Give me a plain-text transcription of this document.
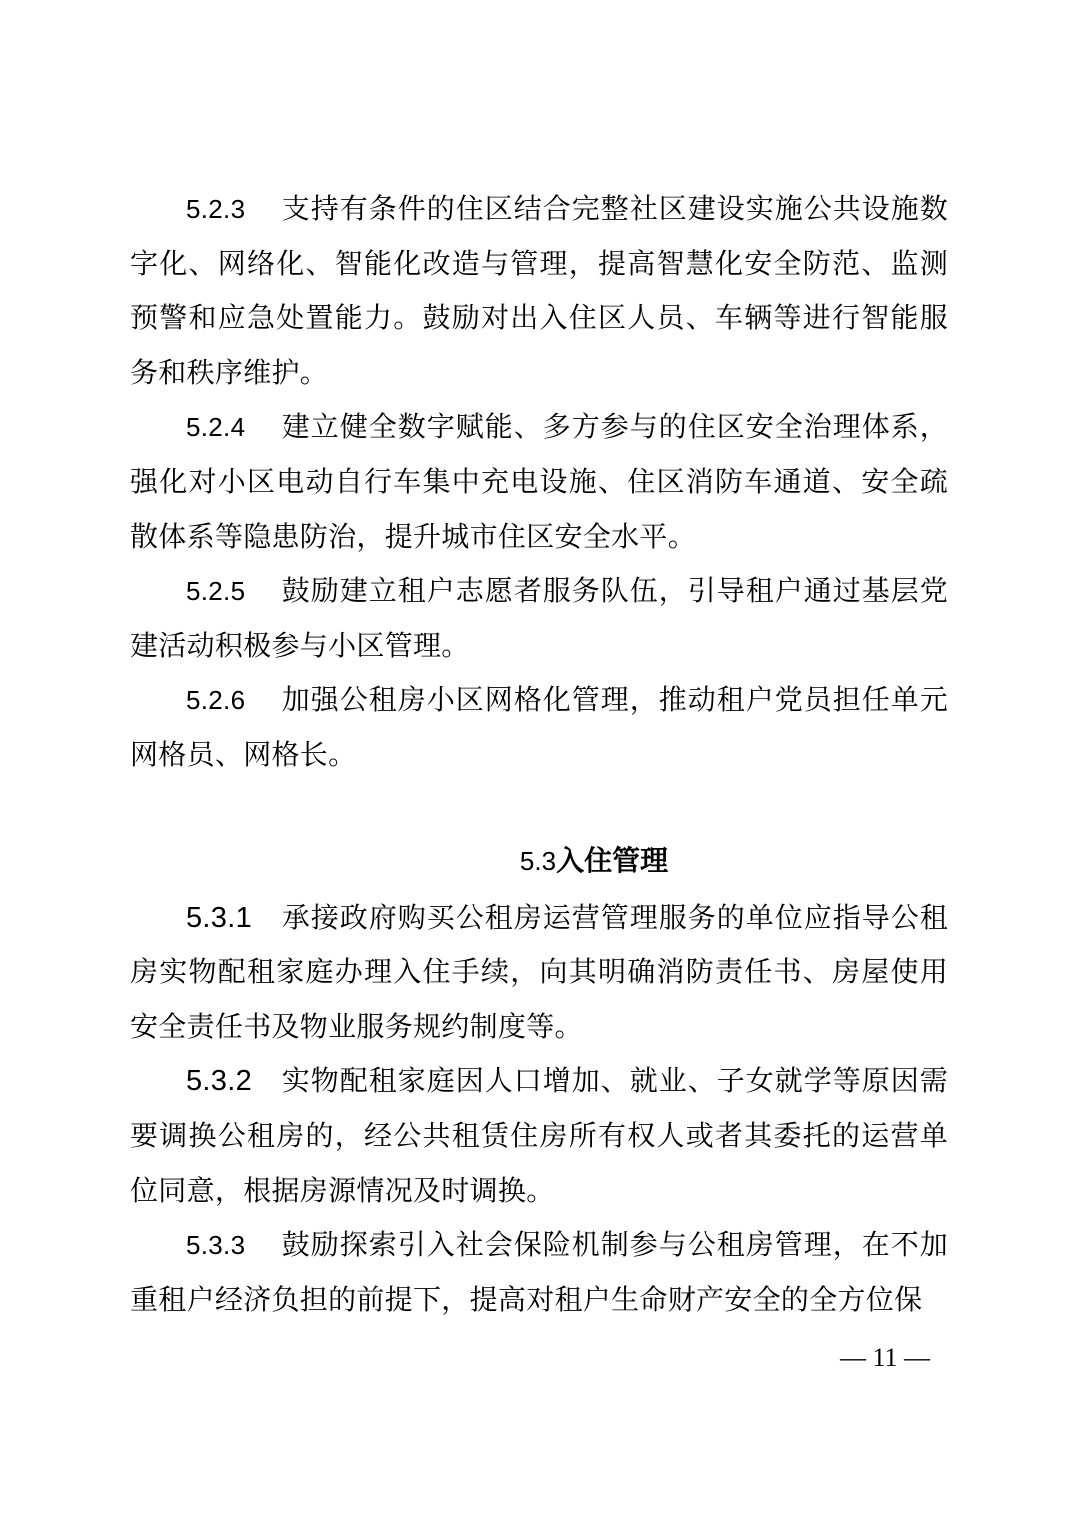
5.2.3 支持有条件的住区结合完整社区建设实施公共设施数字化、网络化、智能化改造与管理，提高智慧化安全防范、监测预警和应急处置能力。鼓励对出入住区人员、车辆等进行智能服务和秩序维护。

5.2.4 建立健全数字赋能、多方参与的住区安全治理体系，强化对小区电动自行车集中充电设施、住区消防车通道、安全疏散体系等隐患防治，提升城市住区安全水平。

5.2.5 鼓励建立租户志愿者服务队伍，引导租户通过基层党建活动积极参与小区管理。

5.2.6 加强公租房小区网格化管理，推动租户党员担任单元网格员、网格长。

5.3入住管理

5.3.1 承接政府购买公租房运营管理服务的单位应指导公租房实物配租家庭办理入住手续，向其明确消防责任书、房屋使用安全责任书及物业服务规约制度等。

5.3.2 实物配租家庭因人口增加、就业、子女就学等原因需要调换公租房的，经公共租赁住房所有权人或者其委托的运营单位同意，根据房源情况及时调换。

5.3.3 鼓励探索引入社会保险机制参与公租房管理，在不加重租户经济负担的前提下，提高对租户生命财产安全的全方位保

— 11 —
